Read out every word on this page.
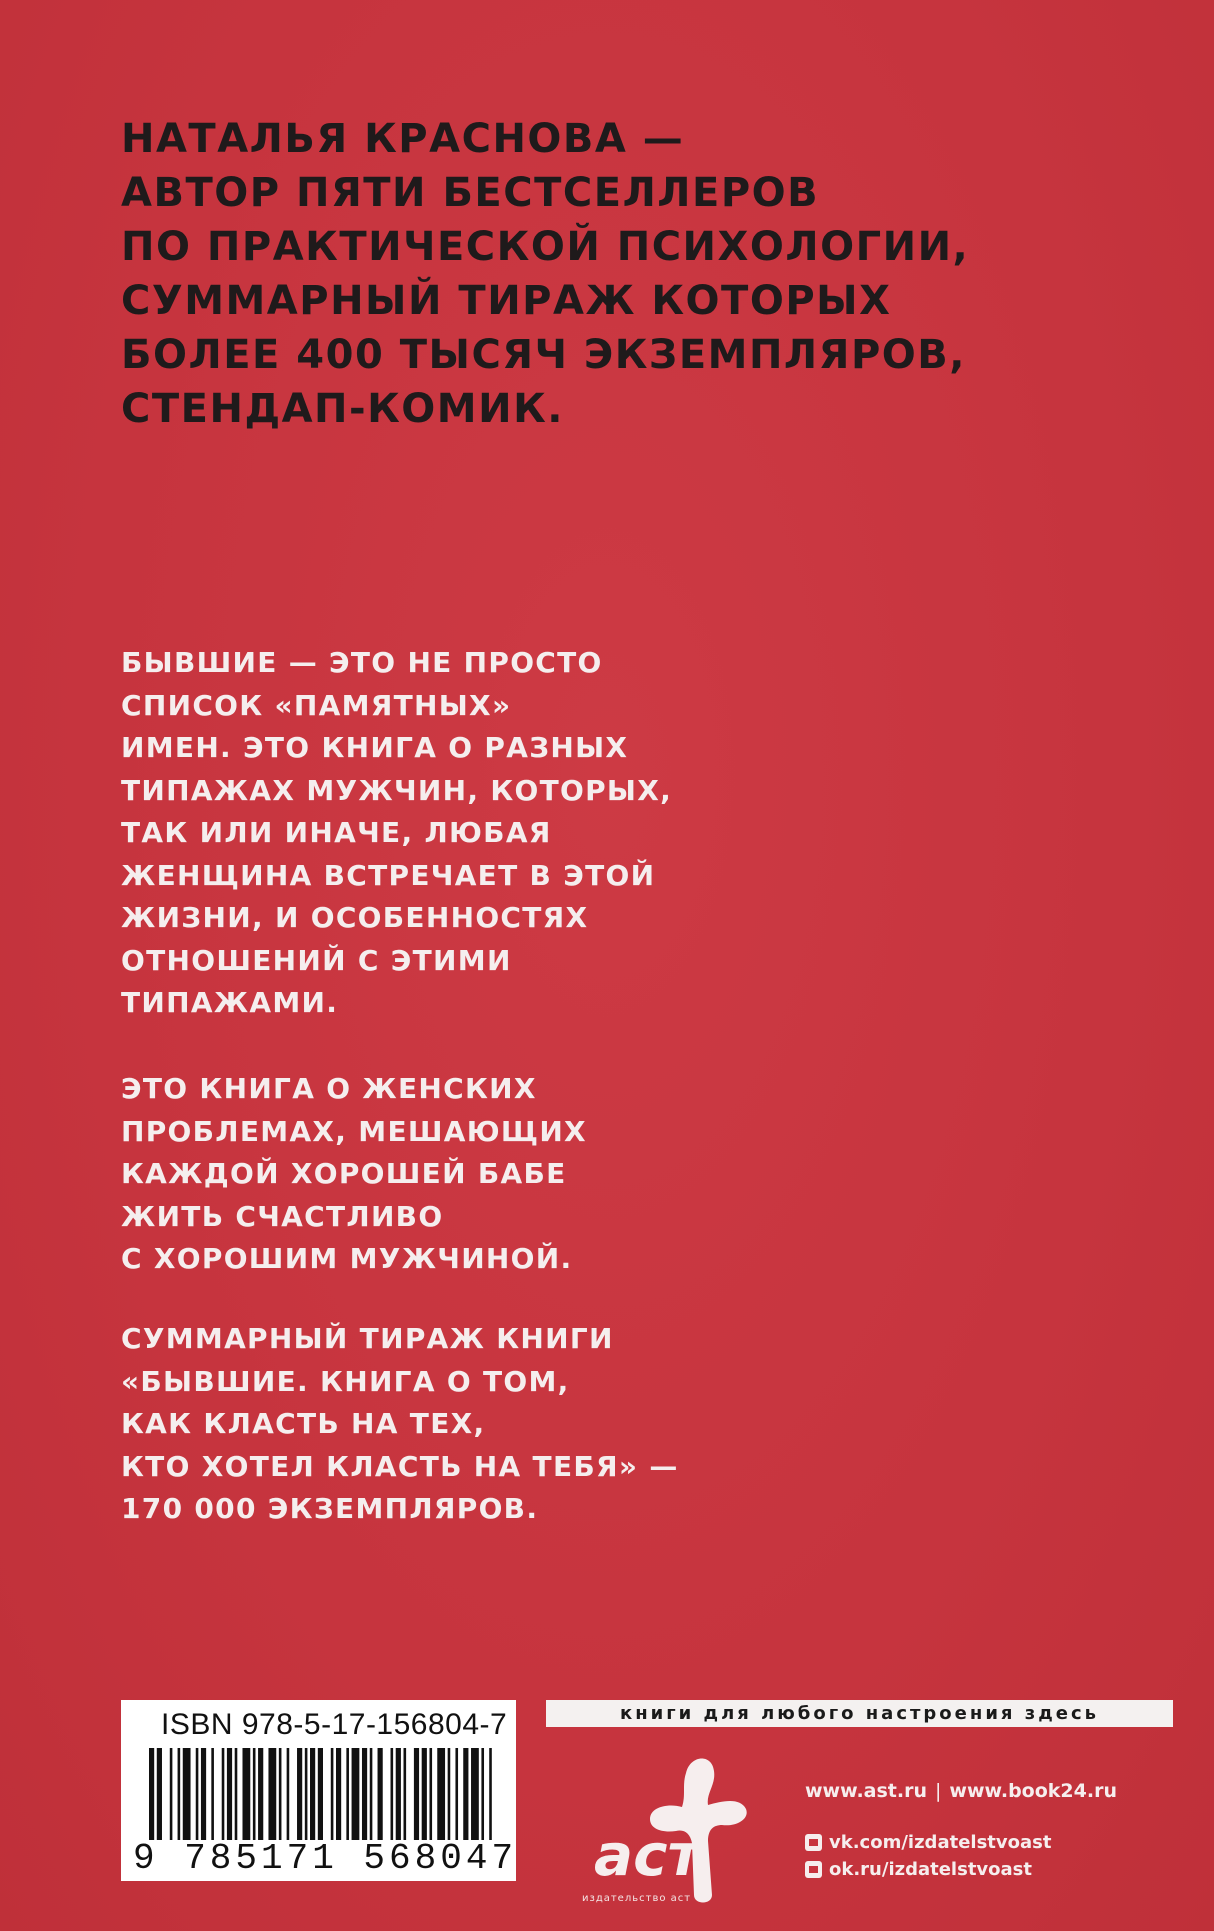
НАТАЛЬЯ КРАСНОВА —
АВТОР ПЯТИ БЕСТСЕЛЛЕРОВ
ПО ПРАКТИЧЕСКОЙ ПСИХОЛОГИИ,
СУММАРНЫЙ ТИРАЖ КОТОРЫХ
БОЛЕЕ 400 ТЫСЯЧ ЭКЗЕМПЛЯРОВ,
СТЕНДАП-КОМИК.

БЫВШИЕ — ЭТО НЕ ПРОСТО
СПИСОК «ПАМЯТНЫХ»
ИМЕН. ЭТО КНИГА О РАЗНЫХ
ТИПАЖАХ МУЖЧИН, КОТОРЫХ,
ТАК ИЛИ ИНАЧЕ, ЛЮБАЯ
ЖЕНЩИНА ВСТРЕЧАЕТ В ЭТОЙ
ЖИЗНИ, И ОСОБЕННОСТЯХ
ОТНОШЕНИЙ С ЭТИМИ
ТИПАЖАМИ.

ЭТО КНИГА О ЖЕНСКИХ
ПРОБЛЕМАХ, МЕШАЮЩИХ
КАЖДОЙ ХОРОШЕЙ БАБЕ
ЖИТЬ СЧАСТЛИВО
С ХОРОШИМ МУЖЧИНОЙ.

СУММАРНЫЙ ТИРАЖ КНИГИ
«БЫВШИЕ. КНИГА О ТОМ,
КАК КЛАСТЬ НА ТЕХ,
КТО ХОТЕЛ КЛАСТЬ НА ТЕБЯ» —
170 000 ЭКЗЕМПЛЯРОВ.

ISBN 978-5-17-156804-7
9 785171 568047
книги для любого настроения здесь
аст
издательство аст
www.ast.ru | www.book24.ru
vk.com/izdatelstvoast
ok.ru/izdatelstvoast
